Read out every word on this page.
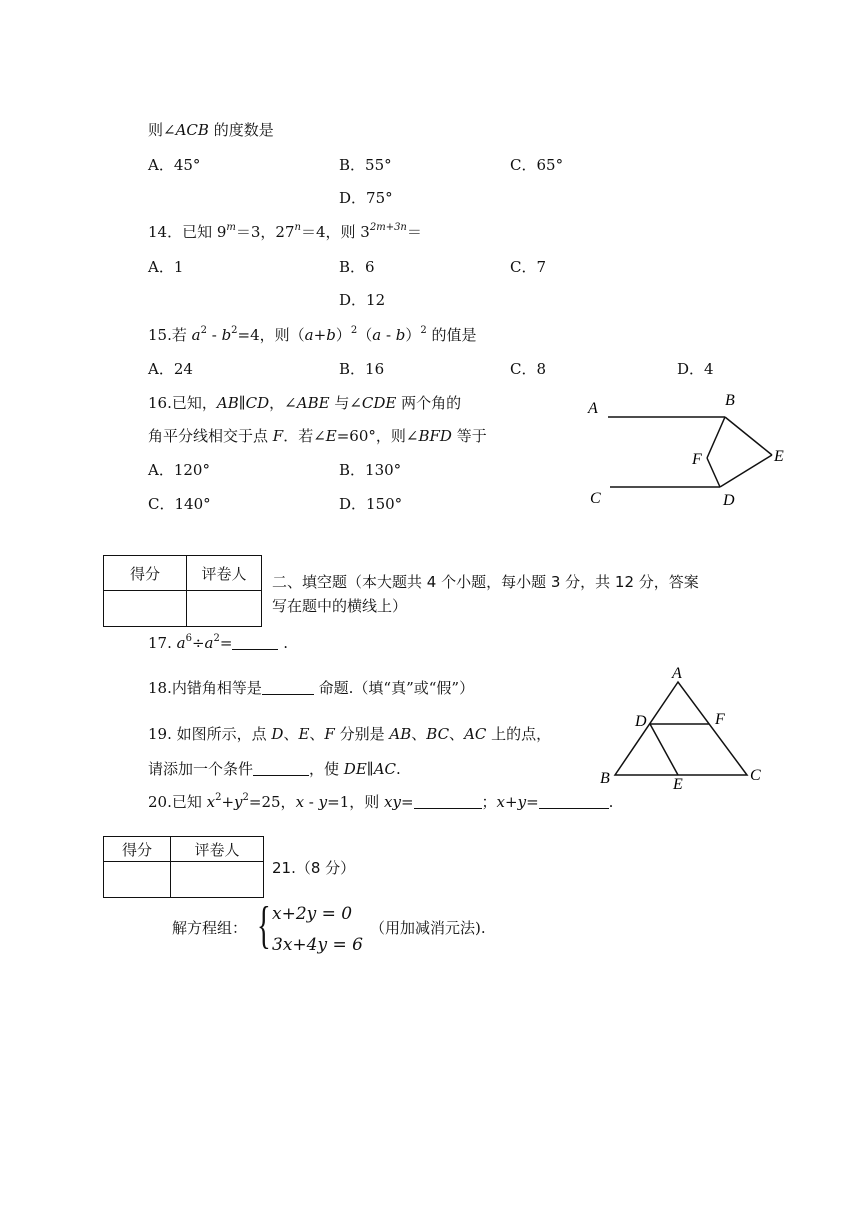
则∠ACB 的度数是
A．45°	B．55°	C．65°
D．75°
14．已知 $9^m=3$，$27^n=4$，则 $3^{2m+3n}=$
A．1	B．6	C．7
D．12
15.若 $a^2 - b^2=4$，则$(a+b)^2(a - b)^2$ 的值是
A．24	B．16	C．8	D．4
16.已知，AB∥CD，∠ABE 与∠CDE 两个角的
角平分线相交于点 F．若∠E=60°，则∠BFD 等于
A．120°	B．130°
C．140°	D．150°
A	B
C	D
E
F
得分	评卷人
	二、填空题（本大题共 4 个小题，每小题 3 分，共 12 分，答案
写在题中的横线上）
17. $a^6\div a^2=$	.
18.内错角相等是	命题.（填“真”或“假”）
19. 如图所示，点 D、E、F 分别是 AB、BC、AC 上的点，
请添加一个条件	，使 DE∥AC.
A
D	F
B	E
C
20.已知 $x^2+y^2=25$，x - y=1，则 xy=	；x+y=	.
得分	评卷人

21.（8 分）
解方程组： { x+2y = 0
3x+4y = 6
（用加减消元法).
